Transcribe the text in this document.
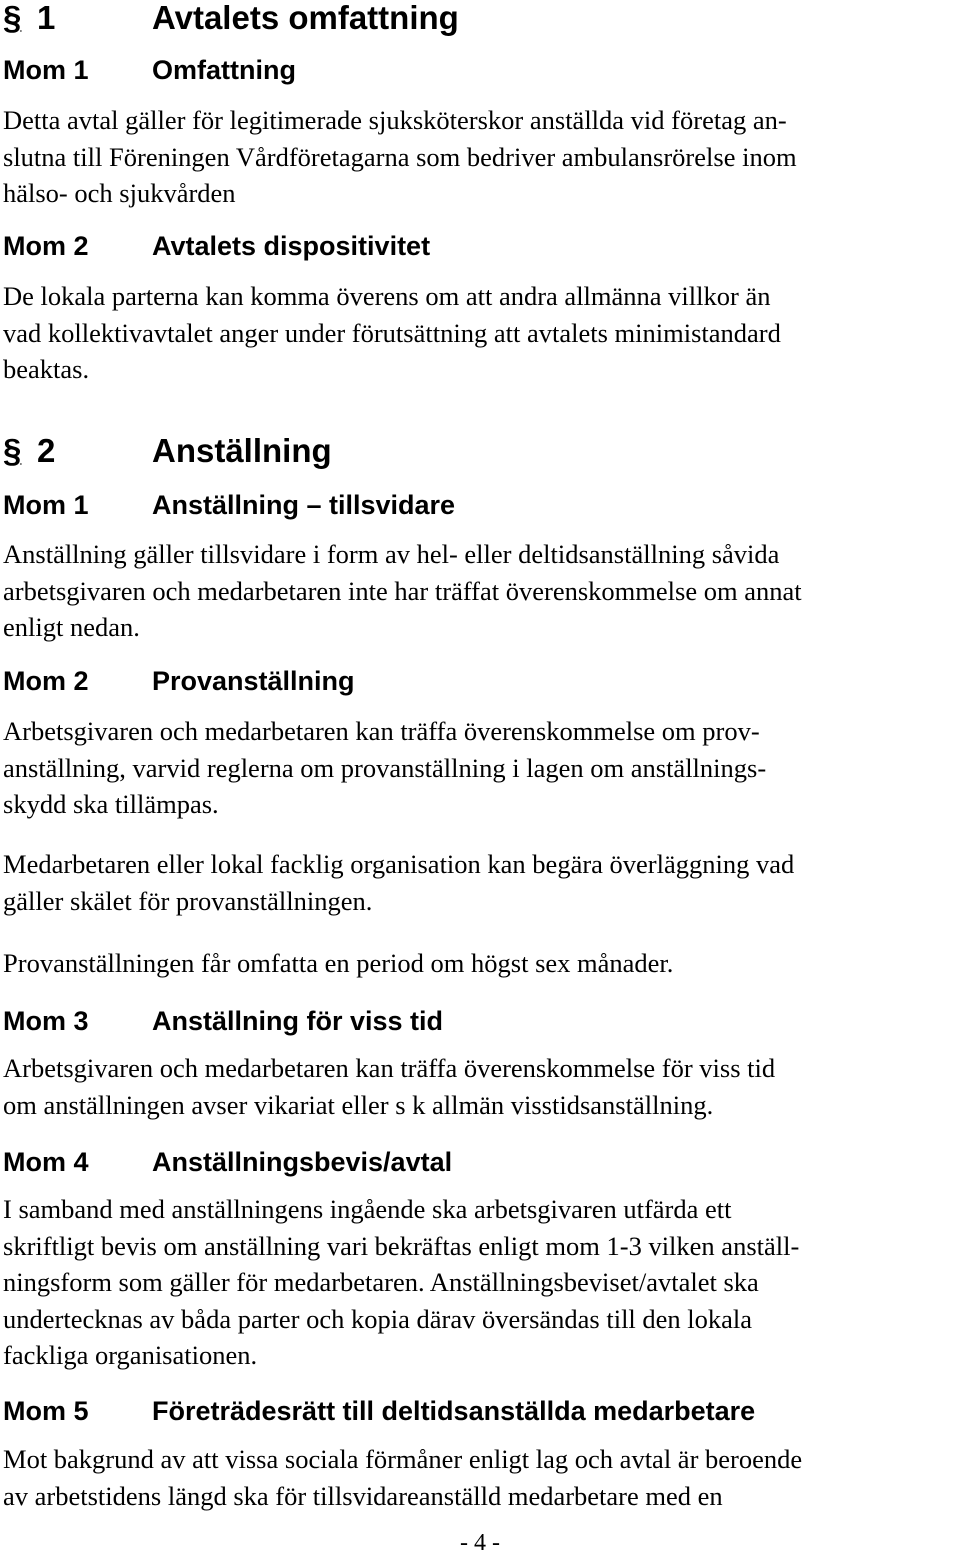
§ 1	Avtalets omfattning
Mom 1 Omfattning
Detta avtal gäller för legitimerade sjuksköterskor anställda vid företag an-
slutna till Föreningen Vårdföretagarna som bedriver ambulansrörelse inom
hälso- och sjukvården
Mom 2 Avtalets dispositivitet
De lokala parterna kan komma överens om att andra allmänna villkor än
vad kollektivavtalet anger under förutsättning att avtalets minimistandard
beaktas.
§ 2	Anställning
Mom 1 Anställning – tillsvidare
Anställning gäller tillsvidare i form av hel- eller deltidsanställning såvida
arbetsgivaren och medarbetaren inte har träffat överenskommelse om annat
enligt nedan.
Mom 2 Provanställning
Arbetsgivaren och medarbetaren kan träffa överenskommelse om prov-
anställning, varvid reglerna om provanställning i lagen om anställnings-
skydd ska tillämpas.
Medarbetaren eller lokal facklig organisation kan begära överläggning vad
gäller skälet för provanställningen.
Provanställningen får omfatta en period om högst sex månader.
Mom 3 Anställning för viss tid
Arbetsgivaren och medarbetaren kan träffa överenskommelse för viss tid
om anställningen avser vikariat eller s k allmän visstidsanställning.
Mom 4 Anställningsbevis/avtal
I samband med anställningens ingående ska arbetsgivaren utfärda ett
skriftligt bevis om anställning vari bekräftas enligt mom 1-3 vilken anställ-
ningsform som gäller för medarbetaren. Anställningsbeviset/avtalet ska
undertecknas av båda parter och kopia därav översändas till den lokala
fackliga organisationen.
Mom 5 Företrädesrätt till deltidsanställda medarbetare
Mot bakgrund av att vissa sociala förmåner enligt lag och avtal är beroende
av arbetstidens längd ska för tillsvidareanställd medarbetare med en
- 4 -
